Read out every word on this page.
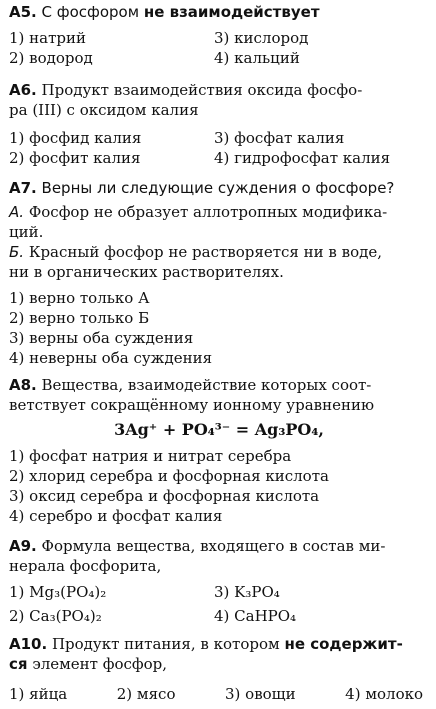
А5. С фосфором не взаимодействует
1) натрий	3) кислород
2) водород	4) кальций
А6. Продукт взаимодействия оксида фосфо-
ра (III) с оксидом калия
1) фосфид калия	3) фосфат калия
2) фосфит калия	4) гидрофосфат калия
А7. Верны ли следующие суждения о фосфоре?
А. Фосфор не образует аллотропных модифика-
ций.
Б. Красный фосфор не растворяется ни в воде,
ни в органических растворителях.
1) верно только А
2) верно только Б
3) верны оба суждения
4) неверны оба суждения
А8. Вещества, взаимодействие которых соот-
ветствует сокращённому ионному уравнению
3Ag⁺ + PO₄³⁻ = Ag₃PO₄,
1) фосфат натрия и нитрат серебра
2) хлорид серебра и фосфорная кислота
3) оксид серебра и фосфорная кислота
4) серебро и фосфат калия
А9. Формула вещества, входящего в состав ми-
нерала фосфорита,
1) Mg₃(PO₄)₂	3) K₃PO₄
2) Ca₃(PO₄)₂	4) CaHPO₄
А10. Продукт питания, в котором не содержит-
ся элемент фосфор,
1) яйца	2) мясо	3) овощи	4) молоко
